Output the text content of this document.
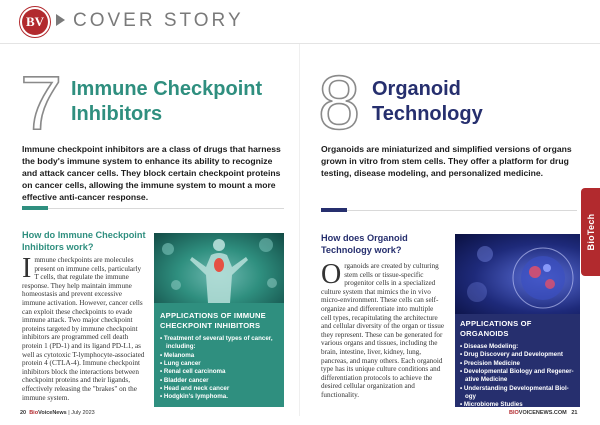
BV COVER STORY
7 Immune Checkpoint
Inhibitors
Immune checkpoint inhibitors are a class of drugs that harness the body's immune system to enhance its ability to recognize and attack cancer cells. They block certain checkpoint proteins on cancer cells, allowing the immune system to mount a more effective anti-cancer response.
How do Immune Checkpoint
Inhibitors work?
Immune checkpoints are molecules present on immune cells, particularly T cells, that regulate the immune response. They help maintain immune homeostasis and prevent excessive immune activation. However, cancer cells can exploit these checkpoints to evade immune attack. Two major checkpoint proteins targeted by immune checkpoint inhibitors are programmed cell death protein 1 (PD-1) and its ligand PD-L1, as well as cytotoxic T-lymphocyte-associated protein 4 (CTLA-4). Immune checkpoint inhibitors block the interactions between checkpoint proteins and their ligands, effectively releasing the "brakes" on the immune system.
APPLICATIONS OF IMMUNE
CHECKPOINT INHIBITORS
• Treatment of several types of cancer,
including:
• Melanoma
• Lung cancer
• Renal cell carcinoma
• Bladder cancer
• Head and neck cancer
• Hodgkin's lymphoma.
8 Organoid
Technology
Organoids are miniaturized and simplified versions of organs grown in vitro from stem cells. They offer a platform for drug testing, disease modeling, and personalized medicine.
How does Organoid
Technology work?
Organoids are created by culturing stem cells or tissue-specific progenitor cells in a specialized culture system that mimics the in vivo micro-environment. These cells can self-organize and differentiate into multiple cell types, recapitulating the architecture and cellular diversity of the organ or tissue they represent. These can be generated for various organs and tissues, including the brain, intestine, liver, kidney, lung, pancreas, and many others. Each organoid type has its unique culture conditions and differentiation protocols to achieve the desired cellular organization and functionality.
APPLICATIONS OF ORGANOIDS
• Disease Modeling:
• Drug Discovery and Development
• Precision Medicine
• Developmental Biology and Regener-
ative Medicine
• Understanding Developmental Biol-
ogy
• Microbiome Studies
BioTech
20 BioVoiceNews | July 2023	BIOVOICENEWS.COM 21
